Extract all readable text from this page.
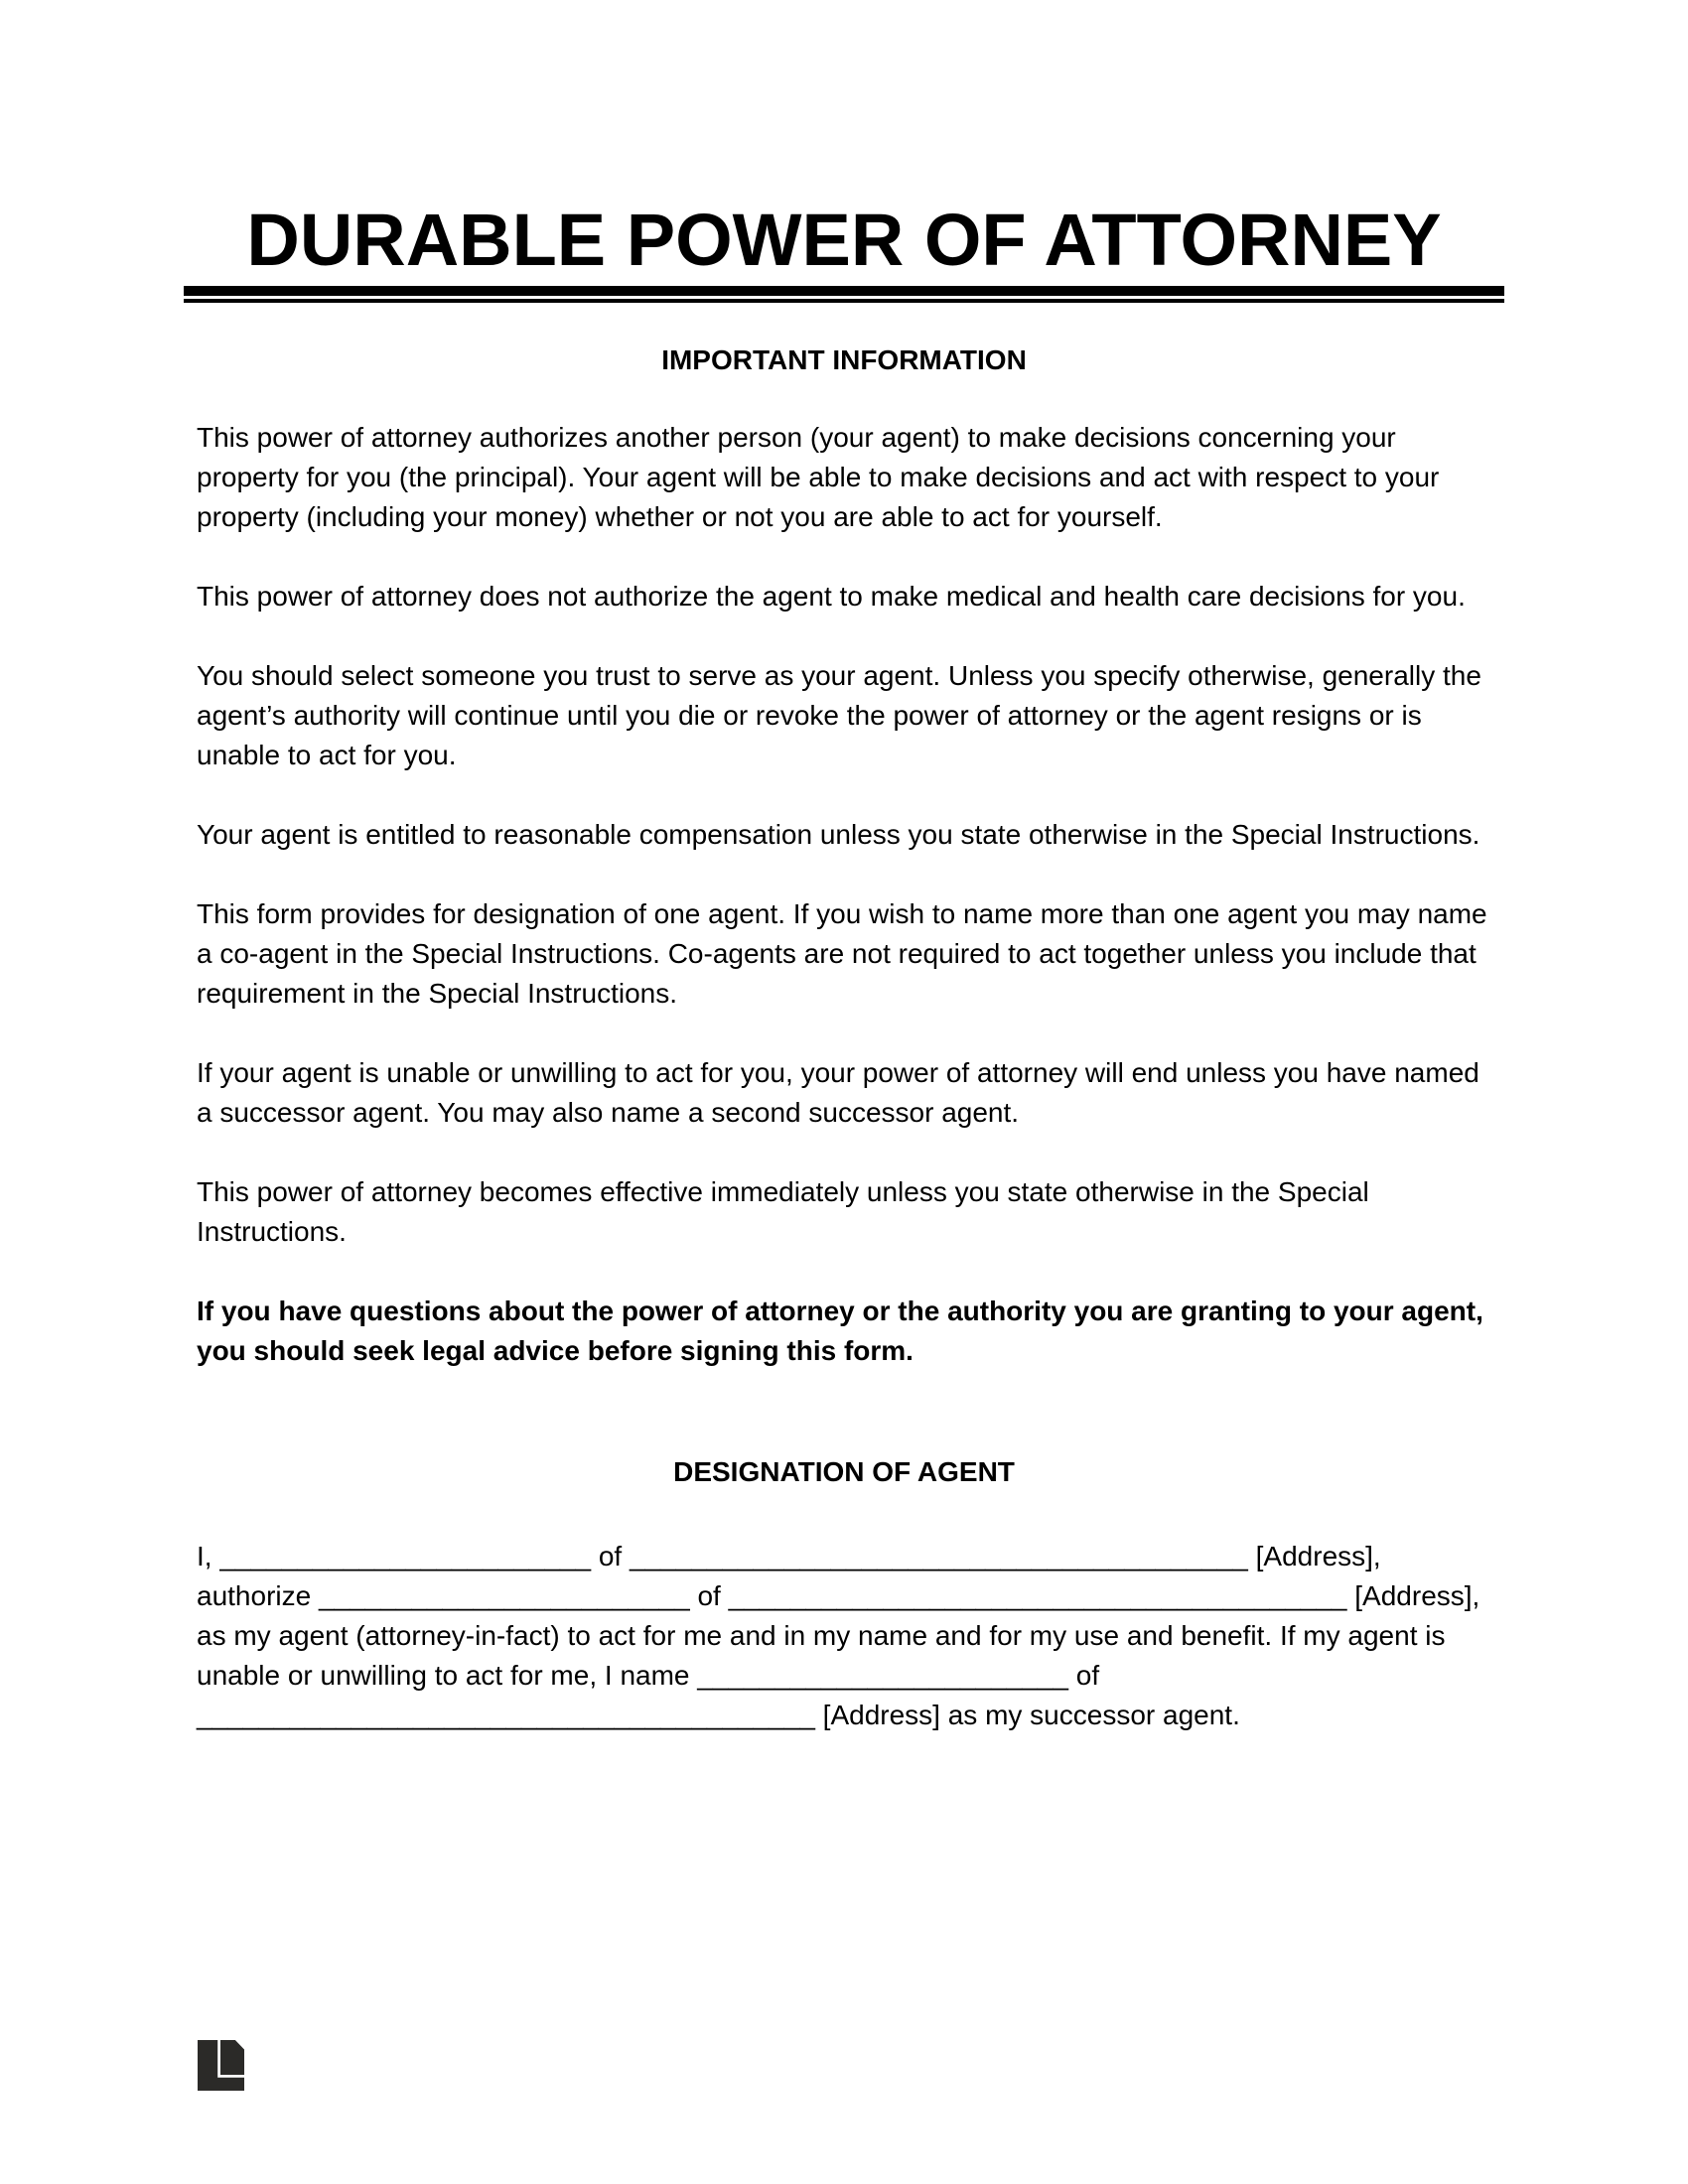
DURABLE POWER OF ATTORNEY
IMPORTANT INFORMATION

This power of attorney authorizes another person (your agent) to make decisions concerning your property for you (the principal). Your agent will be able to make decisions and act with respect to your property (including your money) whether or not you are able to act for yourself.

This power of attorney does not authorize the agent to make medical and health care decisions for you.

You should select someone you trust to serve as your agent. Unless you specify otherwise, generally the agent’s authority will continue until you die or revoke the power of attorney or the agent resigns or is unable to act for you.

Your agent is entitled to reasonable compensation unless you state otherwise in the Special Instructions.

This form provides for designation of one agent. If you wish to name more than one agent you may name a co-agent in the Special Instructions. Co-agents are not required to act together unless you include that requirement in the Special Instructions.

If your agent is unable or unwilling to act for you, your power of attorney will end unless you have named a successor agent. You may also name a second successor agent.

This power of attorney becomes effective immediately unless you state otherwise in the Special Instructions.

If you have questions about the power of attorney or the authority you are granting to your agent, you should seek legal advice before signing this form.

DESIGNATION OF AGENT
I, ________________________ of ________________________________________ [Address],
authorize ________________________ of ________________________________________ [Address],
as my agent (attorney-in-fact) to act for me and in my name and for my use and benefit. If my agent is
unable or unwilling to act for me, I name ________________________ of
________________________________________ [Address] as my successor agent.
